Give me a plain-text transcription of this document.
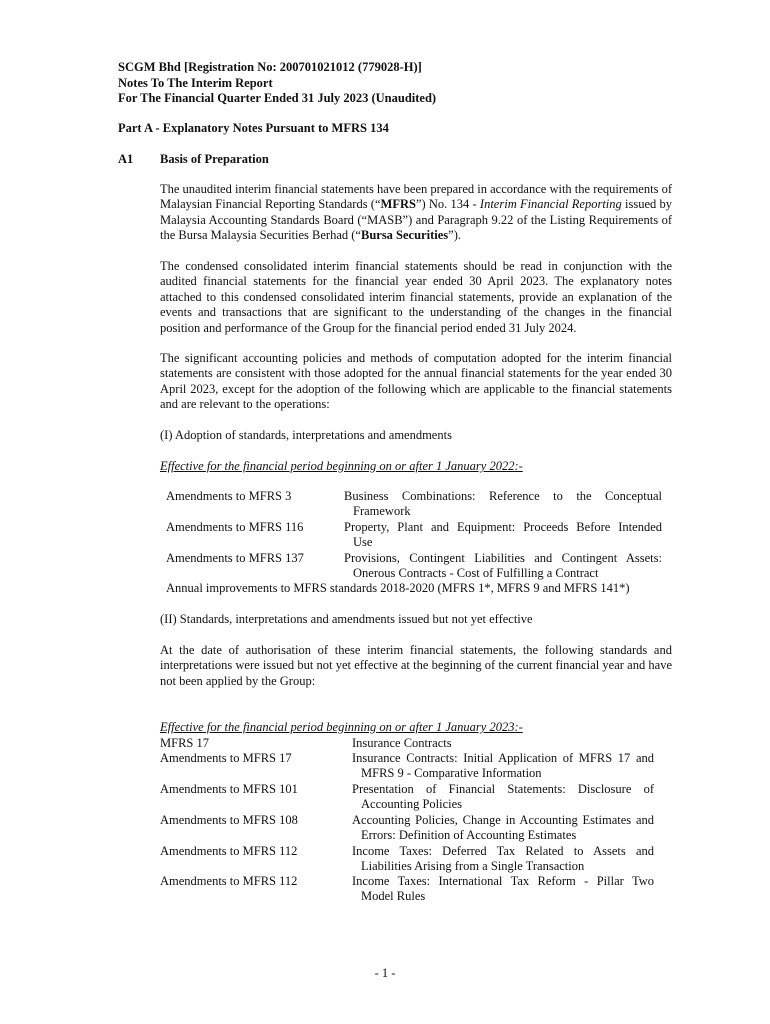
SCGM Bhd [Registration No: 200701021012 (779028-H)]
Notes To The Interim Report
For The Financial Quarter Ended 31 July 2023 (Unaudited)
Part A - Explanatory Notes Pursuant to MFRS 134
A1 Basis of Preparation
The unaudited interim financial statements have been prepared in accordance with the requirements of Malaysian Financial Reporting Standards (“MFRS”) No. 134 - Interim Financial Reporting issued by Malaysia Accounting Standards Board (“MASB”) and Paragraph 9.22 of the Listing Requirements of the Bursa Malaysia Securities Berhad (“Bursa Securities”).
The condensed consolidated interim financial statements should be read in conjunction with the audited financial statements for the financial year ended 30 April 2023. The explanatory notes attached to this condensed consolidated interim financial statements, provide an explanation of the events and transactions that are significant to the understanding of the changes in the financial position and performance of the Group for the financial period ended 31 July 2024.
The significant accounting policies and methods of computation adopted for the interim financial statements are consistent with those adopted for the annual financial statements for the year ended 30 April 2023, except for the adoption of the following which are applicable to the financial statements and are relevant to the operations:
(I) Adoption of standards, interpretations and amendments
Effective for the financial period beginning on or after 1 January 2022:-
Amendments to MFRS 3	Business Combinations: Reference to the Conceptual
Framework
Amendments to MFRS 116	Property, Plant and Equipment: Proceeds Before Intended
Use
Amendments to MFRS 137	Provisions, Contingent Liabilities and Contingent Assets:
Onerous Contracts - Cost of Fulfilling a Contract
Annual improvements to MFRS standards 2018-2020 (MFRS 1*, MFRS 9 and MFRS 141*)
(II) Standards, interpretations and amendments issued but not yet effective
At the date of authorisation of these interim financial statements, the following standards and interpretations were issued but not yet effective at the beginning of the current financial year and have not been applied by the Group:
Effective for the financial period beginning on or after 1 January 2023:-
MFRS 17	Insurance Contracts
Amendments to MFRS 17	Insurance Contracts: Initial Application of MFRS 17 and
MFRS 9 - Comparative Information
Amendments to MFRS 101	Presentation of Financial Statements: Disclosure of
Accounting Policies
Amendments to MFRS 108	Accounting Policies, Change in Accounting Estimates and
Errors: Definition of Accounting Estimates
Amendments to MFRS 112	Income Taxes: Deferred Tax Related to Assets and
Liabilities Arising from a Single Transaction
Amendments to MFRS 112	Income Taxes: International Tax Reform - Pillar Two
Model Rules
- 1 -
